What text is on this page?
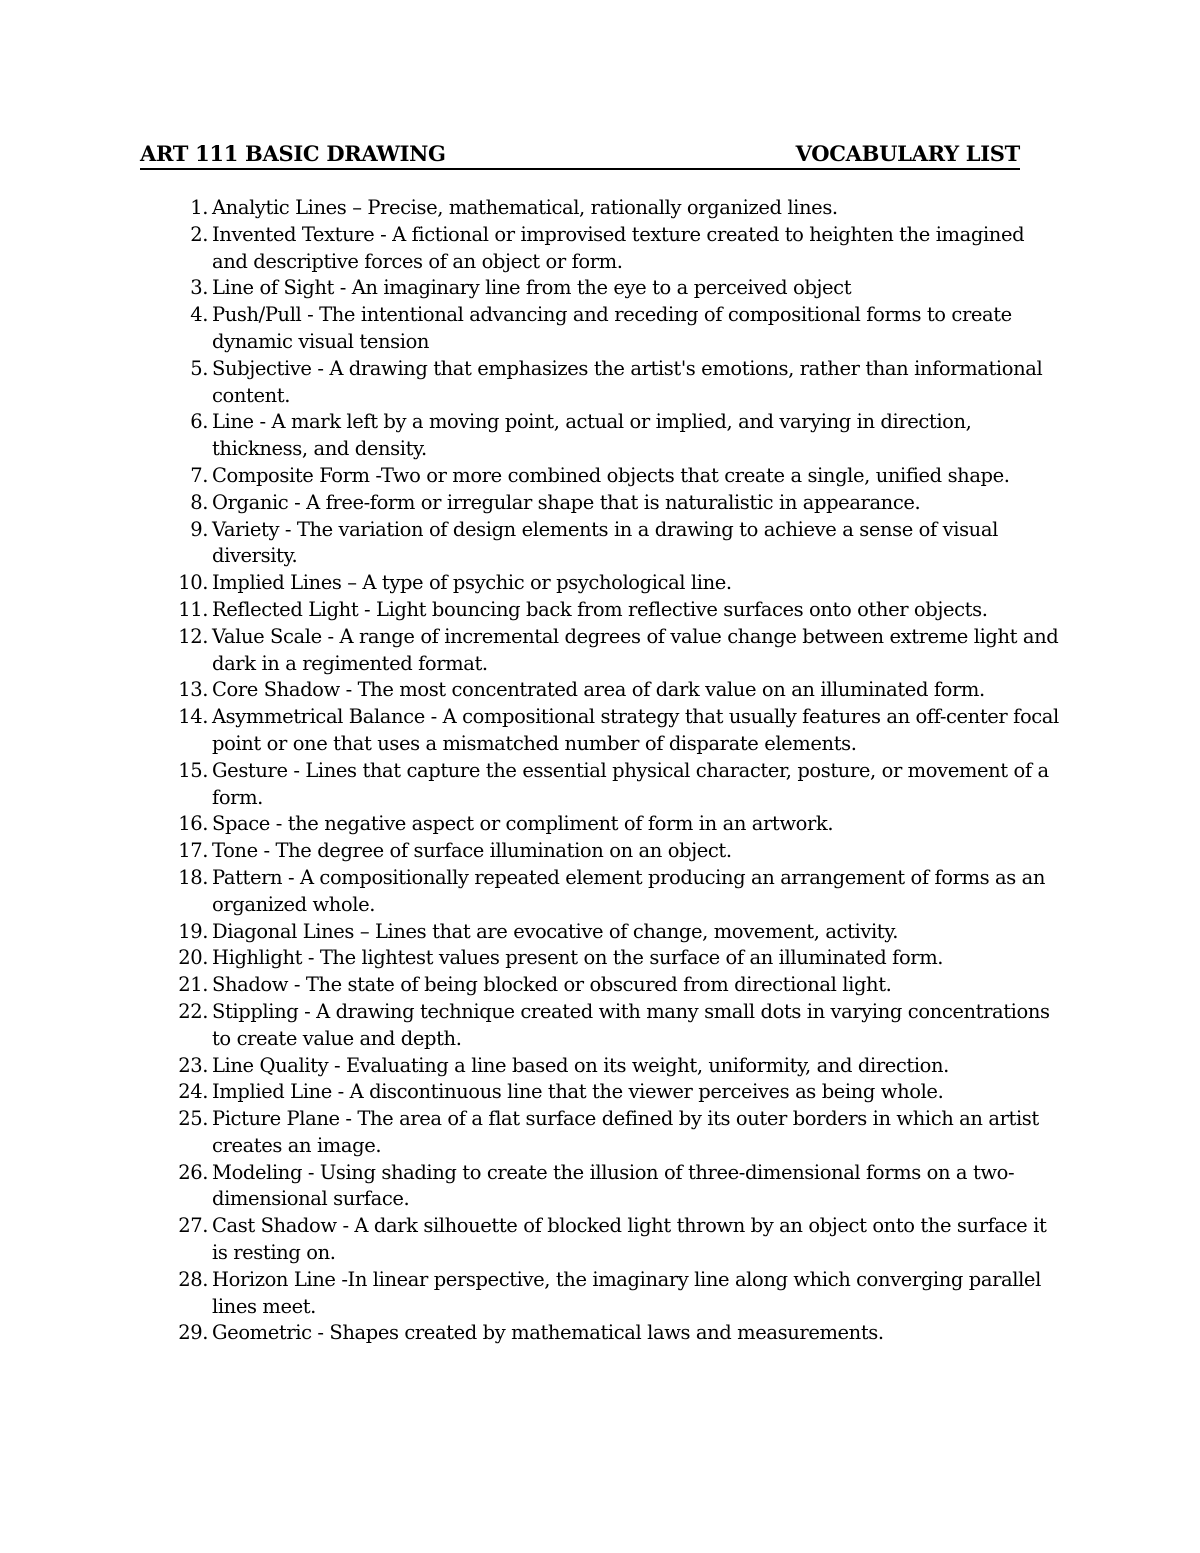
ART 111 BASIC DRAWING	VOCABULARY LIST
1. Analytic Lines – Precise, mathematical, rationally organized lines.
2. Invented Texture - A fictional or improvised texture created to heighten the imagined and descriptive forces of an object or form.
3. Line of Sight - An imaginary line from the eye to a perceived object
4. Push/Pull - The intentional advancing and receding of compositional forms to create dynamic visual tension
5. Subjective - A drawing that emphasizes the artist's emotions, rather than informational content.
6. Line - A mark left by a moving point, actual or implied, and varying in direction, thickness, and density.
7. Composite Form -Two or more combined objects that create a single, unified shape.
8. Organic - A free-form or irregular shape that is naturalistic in appearance.
9. Variety - The variation of design elements in a drawing to achieve a sense of visual diversity.
10. Implied Lines – A type of psychic or psychological line.
11. Reflected Light - Light bouncing back from reflective surfaces onto other objects.
12. Value Scale - A range of incremental degrees of value change between extreme light and dark in a regimented format.
13. Core Shadow - The most concentrated area of dark value on an illuminated form.
14. Asymmetrical Balance - A compositional strategy that usually features an off-center focal point or one that uses a mismatched number of disparate elements.
15. Gesture - Lines that capture the essential physical character, posture, or movement of a form.
16. Space - the negative aspect or compliment of form in an artwork.
17. Tone - The degree of surface illumination on an object.
18. Pattern - A compositionally repeated element producing an arrangement of forms as an organized whole.
19. Diagonal Lines – Lines that are evocative of change, movement, activity.
20. Highlight - The lightest values present on the surface of an illuminated form.
21. Shadow - The state of being blocked or obscured from directional light.
22. Stippling - A drawing technique created with many small dots in varying concentrations to create value and depth.
23. Line Quality - Evaluating a line based on its weight, uniformity, and direction.
24. Implied Line - A discontinuous line that the viewer perceives as being whole.
25. Picture Plane - The area of a flat surface defined by its outer borders in which an artist creates an image.
26. Modeling - Using shading to create the illusion of three-dimensional forms on a two-dimensional surface.
27. Cast Shadow - A dark silhouette of blocked light thrown by an object onto the surface it is resting on.
28. Horizon Line -In linear perspective, the imaginary line along which converging parallel lines meet.
29. Geometric - Shapes created by mathematical laws and measurements.
